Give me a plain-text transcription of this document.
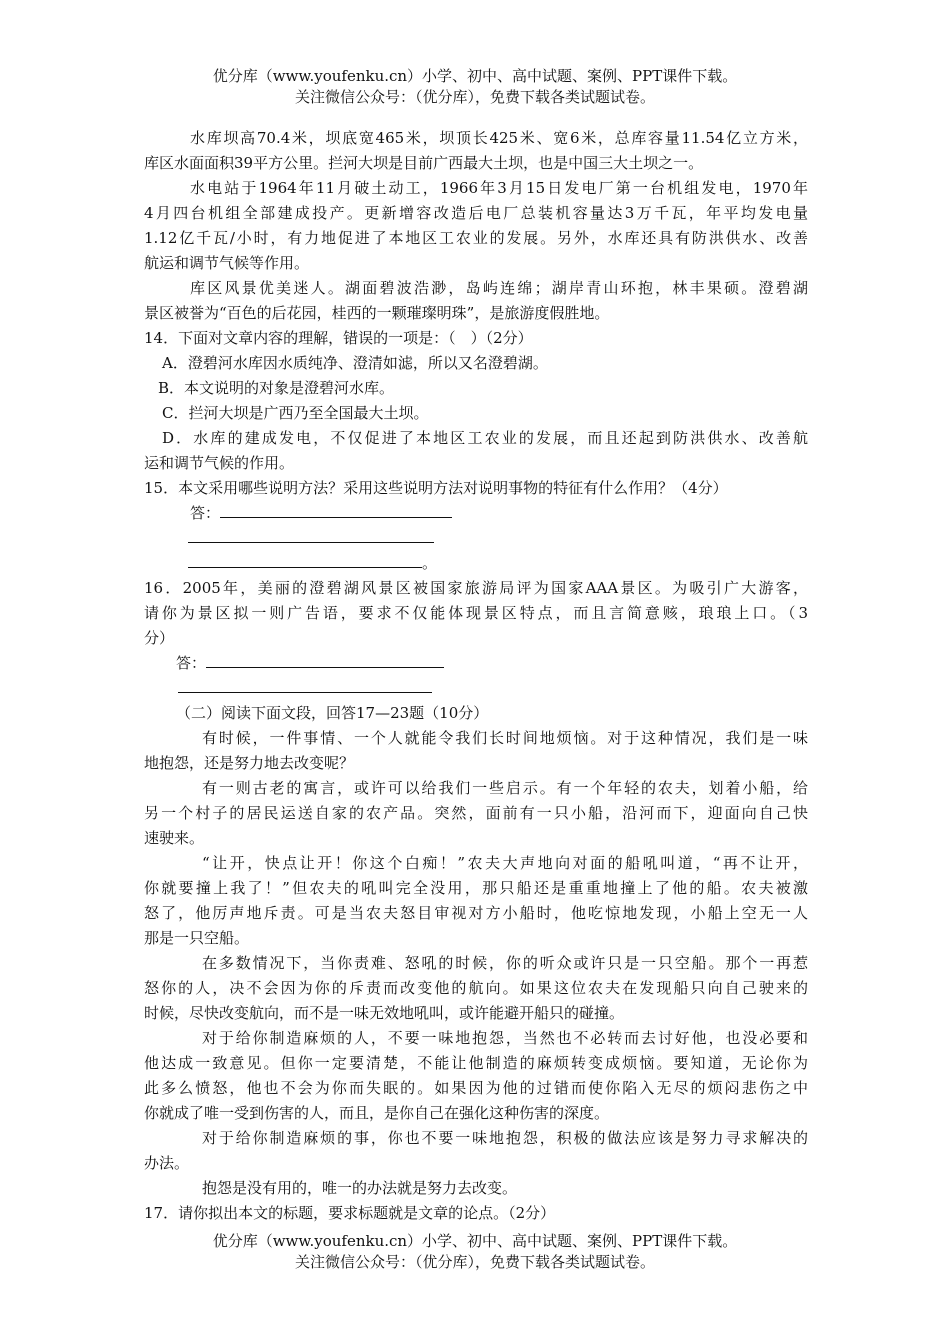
优分库（www.youfenku.cn）小学、初中、高中试题、案例、PPT课件下载。
关注微信公众号：（优分库），免费下载各类试题试卷。
水库坝高70.4米，坝底宽465米，坝顶长425米、宽6米，总库容量11.54亿立方米，
库区水面面积39平方公里。拦河大坝是目前广西最大土坝，也是中国三大土坝之一。
水电站于1964年11月破土动工，1966年3月15日发电厂第一台机组发电，1970年
4月四台机组全部建成投产。更新增容改造后电厂总装机容量达3万千瓦，年平均发电量
1.12亿千瓦/小时，有力地促进了本地区工农业的发展。另外，水库还具有防洪供水、改善
航运和调节气候等作用。
库区风景优美迷人。湖面碧波浩渺，岛屿连绵；湖岸青山环抱，林丰果硕。澄碧湖
景区被誉为“百色的后花园，桂西的一颗璀璨明珠”，是旅游度假胜地。
14．下面对文章内容的理解，错误的一项是：（　）（2分）
A．澄碧河水库因水质纯净、澄清如滤，所以又名澄碧湖。
B．本文说明的对象是澄碧河水库。
C．拦河大坝是广西乃至全国最大土坝。
D．水库的建成发电，不仅促进了本地区工农业的发展，而且还起到防洪供水、改善航
运和调节气候的作用。
15．本文采用哪些说明方法？采用这些说明方法对说明事物的特征有什么作用？（4分）
答：
。
16．2005年，美丽的澄碧湖风景区被国家旅游局评为国家AAA景区。为吸引广大游客，
请你为景区拟一则广告语，要求不仅能体现景区特点，而且言简意赅，琅琅上口。（3
分）
答：
（二）阅读下面文段，回答17—23题（10分）
有时候，一件事情、一个人就能令我们长时间地烦恼。对于这种情况，我们是一味
地抱怨，还是努力地去改变呢？
有一则古老的寓言，或许可以给我们一些启示。有一个年轻的农夫，划着小船，给
另一个村子的居民运送自家的农产品。突然，面前有一只小船，沿河而下，迎面向自己快
速驶来。
“让开，快点让开！你这个白痴！”农夫大声地向对面的船吼叫道，“再不让开，
你就要撞上我了！”但农夫的吼叫完全没用，那只船还是重重地撞上了他的船。农夫被激
怒了，他厉声地斥责。可是当农夫怒目审视对方小船时，他吃惊地发现，小船上空无一人
那是一只空船。
在多数情况下，当你责难、怒吼的时候，你的听众或许只是一只空船。那个一再惹
怒你的人，决不会因为你的斥责而改变他的航向。如果这位农夫在发现船只向自己驶来的
时候，尽快改变航向，而不是一味无效地吼叫，或许能避开船只的碰撞。
对于给你制造麻烦的人，不要一味地抱怨，当然也不必转而去讨好他，也没必要和
他达成一致意见。但你一定要清楚，不能让他制造的麻烦转变成烦恼。要知道，无论你为
此多么愤怒，他也不会为你而失眠的。如果因为他的过错而使你陷入无尽的烦闷悲伤之中
你就成了唯一受到伤害的人，而且，是你自己在强化这种伤害的深度。
对于给你制造麻烦的事，你也不要一味地抱怨，积极的做法应该是努力寻求解决的
办法。
抱怨是没有用的，唯一的办法就是努力去改变。
17．请你拟出本文的标题，要求标题就是文章的论点。（2分）
优分库（www.youfenku.cn）小学、初中、高中试题、案例、PPT课件下载。
关注微信公众号：（优分库），免费下载各类试题试卷。
